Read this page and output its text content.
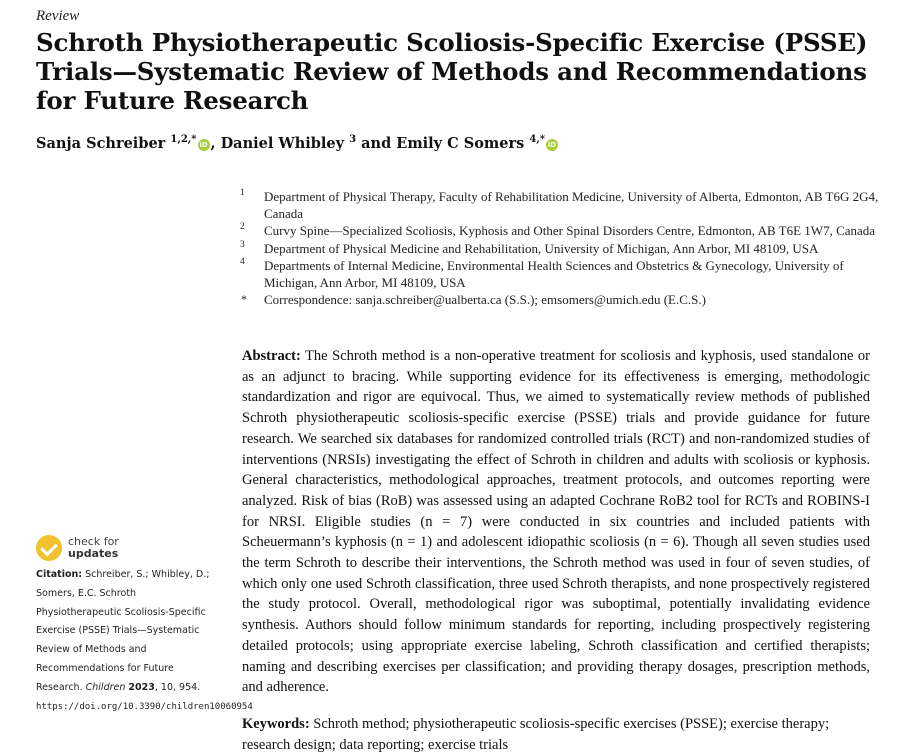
Review
Schroth Physiotherapeutic Scoliosis-Specific Exercise (PSSE) Trials—Systematic Review of Methods and Recommendations for Future Research
Sanja Schreiber $^{1,2,*}$ iD , Daniel Whibley $^3$ and Emily C Somers $^{4,*}$ iD
1 Department of Physical Therapy, Faculty of Rehabilitation Medicine, University of Alberta, Edmonton, AB T6G 2G4, Canada
2 Curvy Spine—Specialized Scoliosis, Kyphosis and Other Spinal Disorders Centre, Edmonton, AB T6E 1W7, Canada
3 Department of Physical Medicine and Rehabilitation, University of Michigan, Ann Arbor, MI 48109, USA
4 Departments of Internal Medicine, Environmental Health Sciences and Obstetrics & Gynecology, University of Michigan, Ann Arbor, MI 48109, USA
* Correspondence: sanja.schreiber@ualberta.ca (S.S.); emsomers@umich.edu (E.C.S.)
Abstract: The Schroth method is a non-operative treatment for scoliosis and kyphosis, used standalone or as an adjunct to bracing. While supporting evidence for its effectiveness is emerging, methodologic standardization and rigor are equivocal. Thus, we aimed to systematically review methods of published Schroth physiotherapeutic scoliosis-specific exercise (PSSE) trials and provide guidance for future research. We searched six databases for randomized controlled trials (RCT) and non-randomized studies of interventions (NRSIs) investigating the effect of Schroth in children and adults with scoliosis or kyphosis. General characteristics, methodological approaches, treatment protocols, and outcomes reporting were analyzed. Risk of bias (RoB) was assessed using an adapted Cochrane RoB2 tool for RCTs and ROBINS-I for NRSI. Eligible studies (n = 7) were conducted in six countries and included patients with Scheuermann’s kyphosis (n = 1) and adolescent idiopathic scoliosis (n = 6). Though all seven studies used the term Schroth to describe their interventions, the Schroth method was used in four of seven studies, of which only one used Schroth classification, three used Schroth therapists, and none prospectively registered the study protocol. Overall, methodological rigor was suboptimal, potentially invalidating evidence synthesis. Authors should follow minimum standards for reporting, including prospectively registering detailed protocols; using appropriate exercise labeling, Schroth classification and certified therapists; naming and describing exercises per classification; and providing therapy dosages, prescription methods, and adherence.
Keywords: Schroth method; physiotherapeutic scoliosis-specific exercises (PSSE); exercise therapy; research design; data reporting; exercise trials
check for
updates
Citation: Schreiber, S.; Whibley, D.; Somers, E.C. Schroth Physiotherapeutic Scoliosis-Specific Exercise (PSSE) Trials—Systematic Review of Methods and Recommendations for Future Research. Children 2023, 10, 954. https://doi.org/10.3390/children10060954
